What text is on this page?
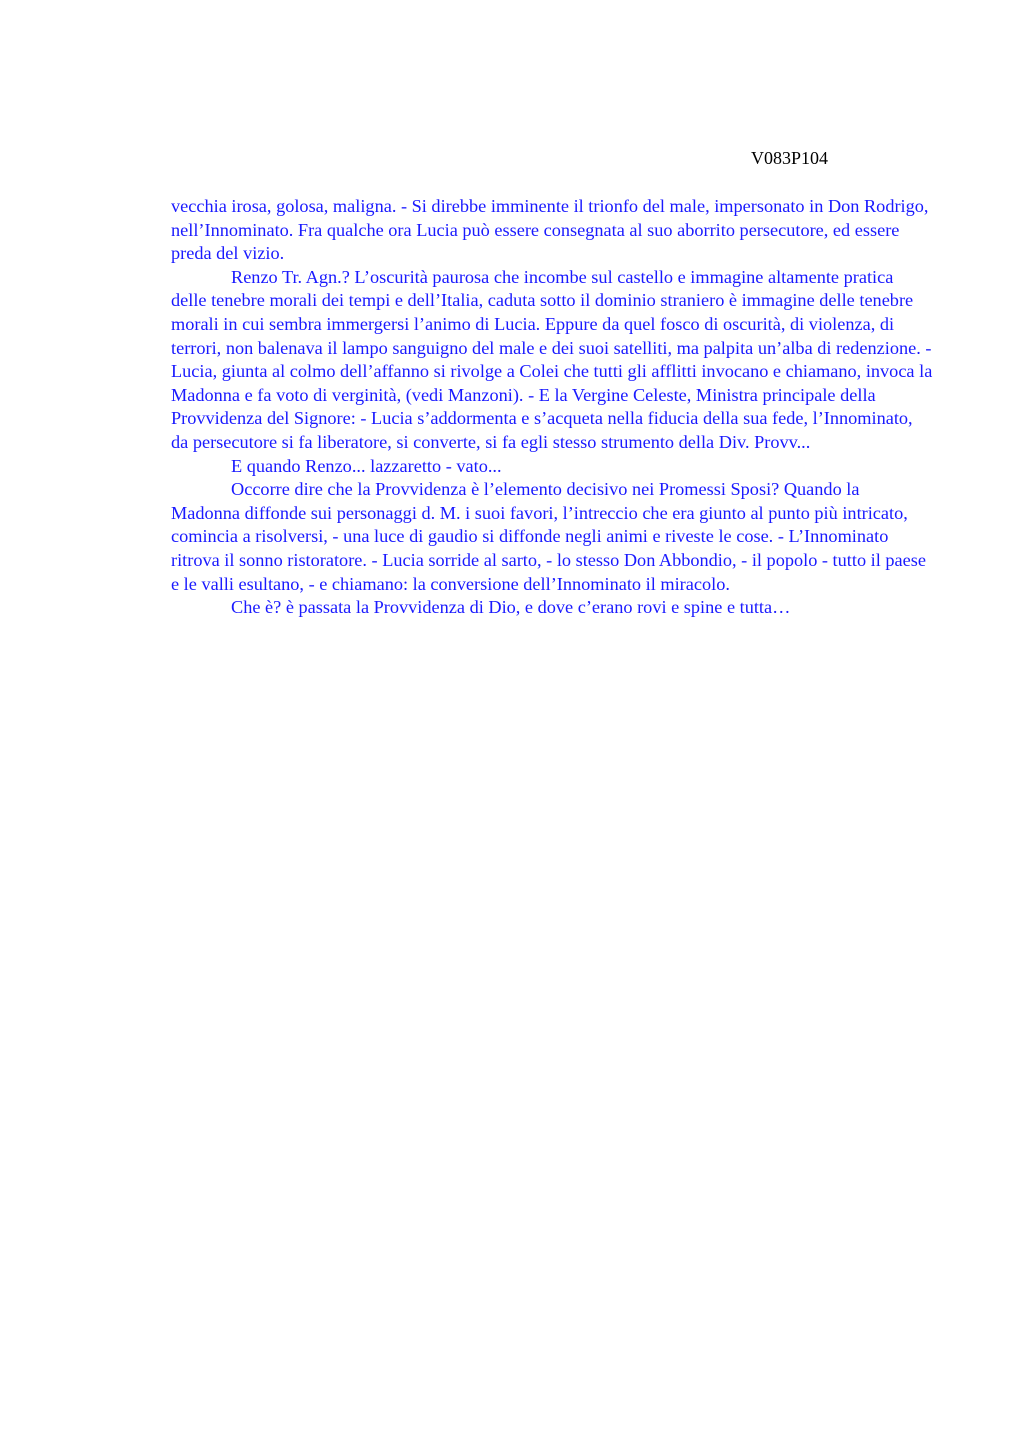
V083P104

vecchia irosa, golosa, maligna. - Si direbbe imminente il trionfo del male, impersonato in Don Rodrigo, nell’Innominato. Fra qualche ora Lucia può essere consegnata al suo aborrito persecutore, ed essere preda del vizio.

Renzo Tr. Agn.? L’oscurità paurosa che incombe sul castello e immagine altamente pratica delle tenebre morali dei tempi e dell’Italia, caduta sotto il dominio straniero è immagine delle tenebre morali in cui sembra immergersi l’animo di Lucia. Eppure da quel fosco di oscurità, di violenza, di terrori, non balenava il lampo sanguigno del male e dei suoi satelliti, ma palpita un’alba di redenzione. - Lucia, giunta al colmo dell’affanno si rivolge a Colei che tutti gli afflitti invocano e chiamano, invoca la Madonna e fa voto di verginità, (vedi Manzoni). - E la Vergine Celeste, Ministra principale della Provvidenza del Signore: - Lucia s’addormenta e s’acqueta nella fiducia della sua fede, l’Innominato, da persecutore si fa liberatore, si converte, si fa egli stesso strumento della Div. Provv...

E quando Renzo... lazzaretto - vato...

Occorre dire che la Provvidenza è l’elemento decisivo nei Promessi Sposi? Quando la Madonna diffonde sui personaggi d. M. i suoi favori, l’intreccio che era giunto al punto più intricato, comincia a risolversi, - una luce di gaudio si diffonde negli animi e riveste le cose. - L’Innominato ritrova il sonno ristoratore. - Lucia sorride al sarto, - lo stesso Don Abbondio, - il popolo - tutto il paese e le valli esultano, - e chiamano: la conversione dell’Innominato il miracolo.

Che è? è passata la Provvidenza di Dio, e dove c’erano rovi e spine e tutta…
